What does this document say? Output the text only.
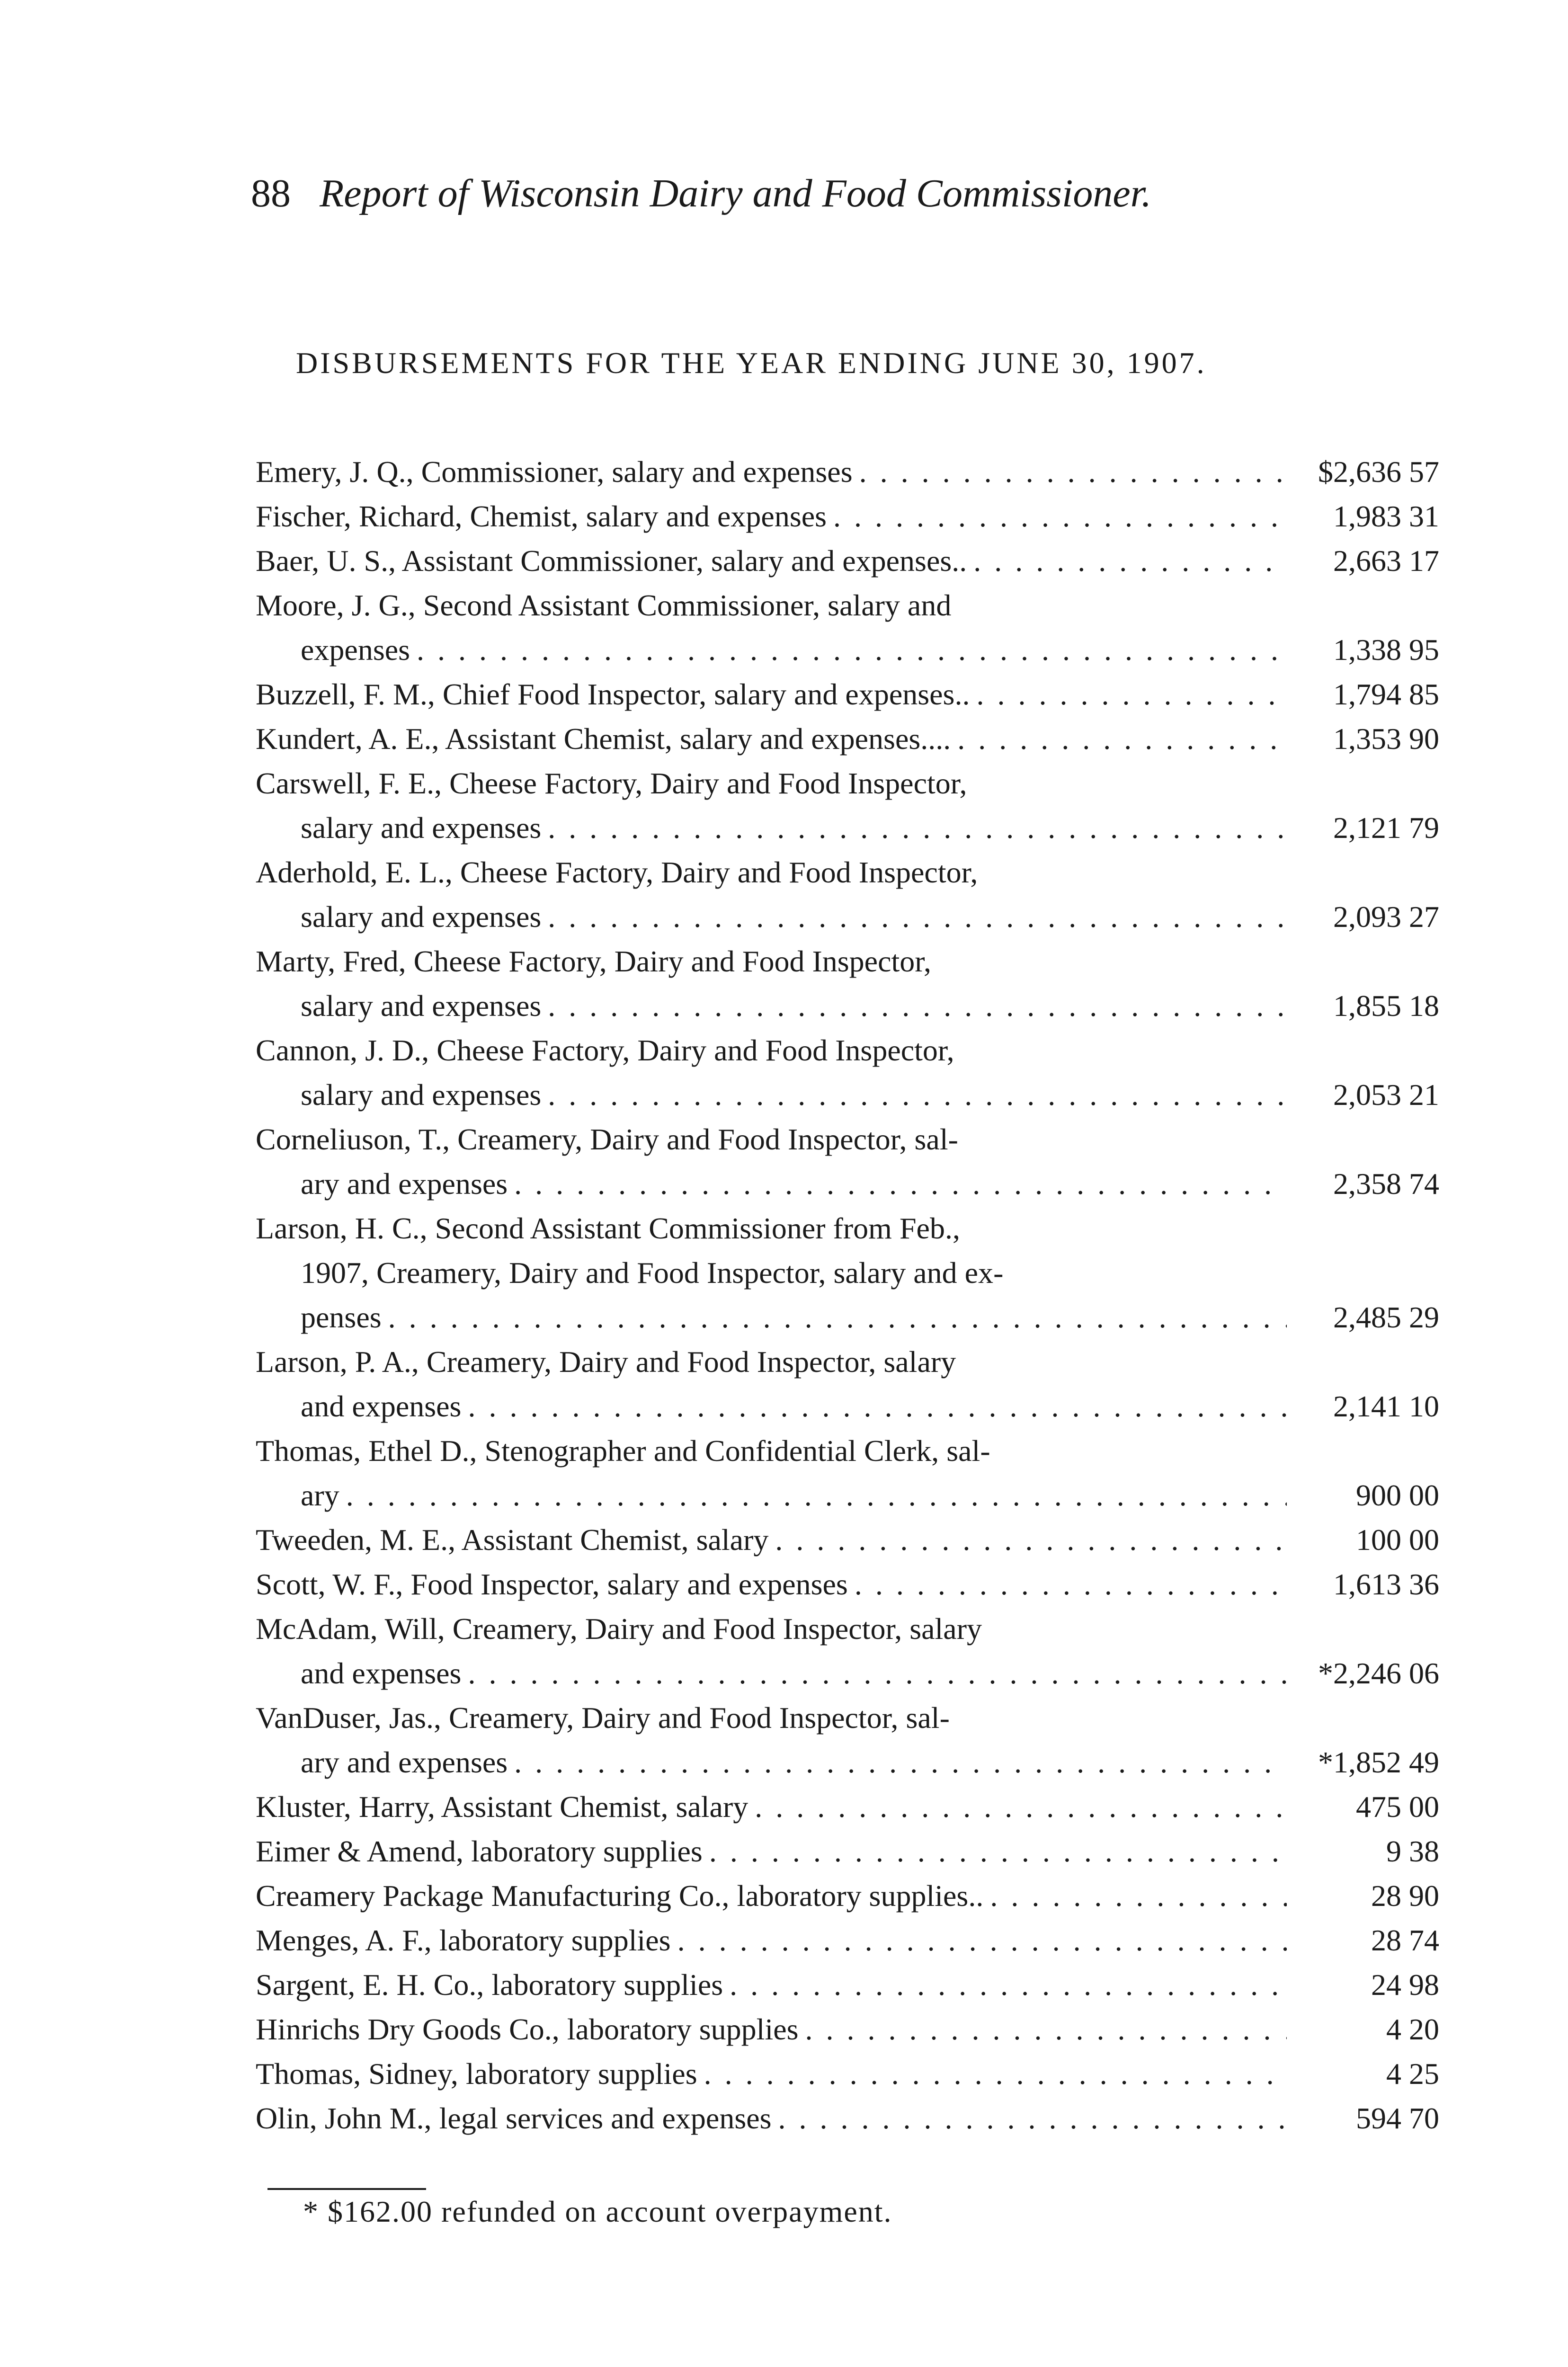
88 Report of Wisconsin Dairy and Food Commissioner.
DISBURSEMENTS FOR THE YEAR ENDING JUNE 30, 1907.
Emery, J. Q., Commissioner, salary and expenses . . .	$2,636 57
Fischer, Richard, Chemist, salary and expenses . . .	1,983 31
Baer, U. S., Assistant Commissioner, salary and expenses.. . . .	2,663 17
Moore, J. G., Second Assistant Commissioner, salary and
expenses . . .	1,338 95
Buzzell, F. M., Chief Food Inspector, salary and expenses.. . . .	1,794 85
Kundert, A. E., Assistant Chemist, salary and expenses.... . . .	1,353 90
Carswell, F. E., Cheese Factory, Dairy and Food Inspector,
salary and expenses . . .	2,121 79
Aderhold, E. L., Cheese Factory, Dairy and Food Inspector,
salary and expenses . . .	2,093 27
Marty, Fred, Cheese Factory, Dairy and Food Inspector,
salary and expenses . . .	1,855 18
Cannon, J. D., Cheese Factory, Dairy and Food Inspector,
salary and expenses . . .	2,053 21
Corneliuson, T., Creamery, Dairy and Food Inspector, sal-
ary and expenses . . .	2,358 74
Larson, H. C., Second Assistant Commissioner from Feb.,
1907, Creamery, Dairy and Food Inspector, salary and ex-
penses . . .	2,485 29
Larson, P. A., Creamery, Dairy and Food Inspector, salary
and expenses . . .	2,141 10
Thomas, Ethel D., Stenographer and Confidential Clerk, sal-
ary . . .	900 00
Tweeden, M. E., Assistant Chemist, salary . . .	100 00
Scott, W. F., Food Inspector, salary and expenses . . .	1,613 36
McAdam, Will, Creamery, Dairy and Food Inspector, salary
and expenses . . .	*2,246 06
VanDuser, Jas., Creamery, Dairy and Food Inspector, sal-
ary and expenses . . .	*1,852 49
Kluster, Harry, Assistant Chemist, salary . . .	475 00
Eimer & Amend, laboratory supplies . . .	9 38
Creamery Package Manufacturing Co., laboratory supplies.. . . .	28 90
Menges, A. F., laboratory supplies . . .	28 74
Sargent, E. H. Co., laboratory supplies . . .	24 98
Hinrichs Dry Goods Co., laboratory supplies . . .	4 20
Thomas, Sidney, laboratory supplies . . .	4 25
Olin, John M., legal services and expenses . . .	594 70
* $162.00 refunded on account overpayment.
